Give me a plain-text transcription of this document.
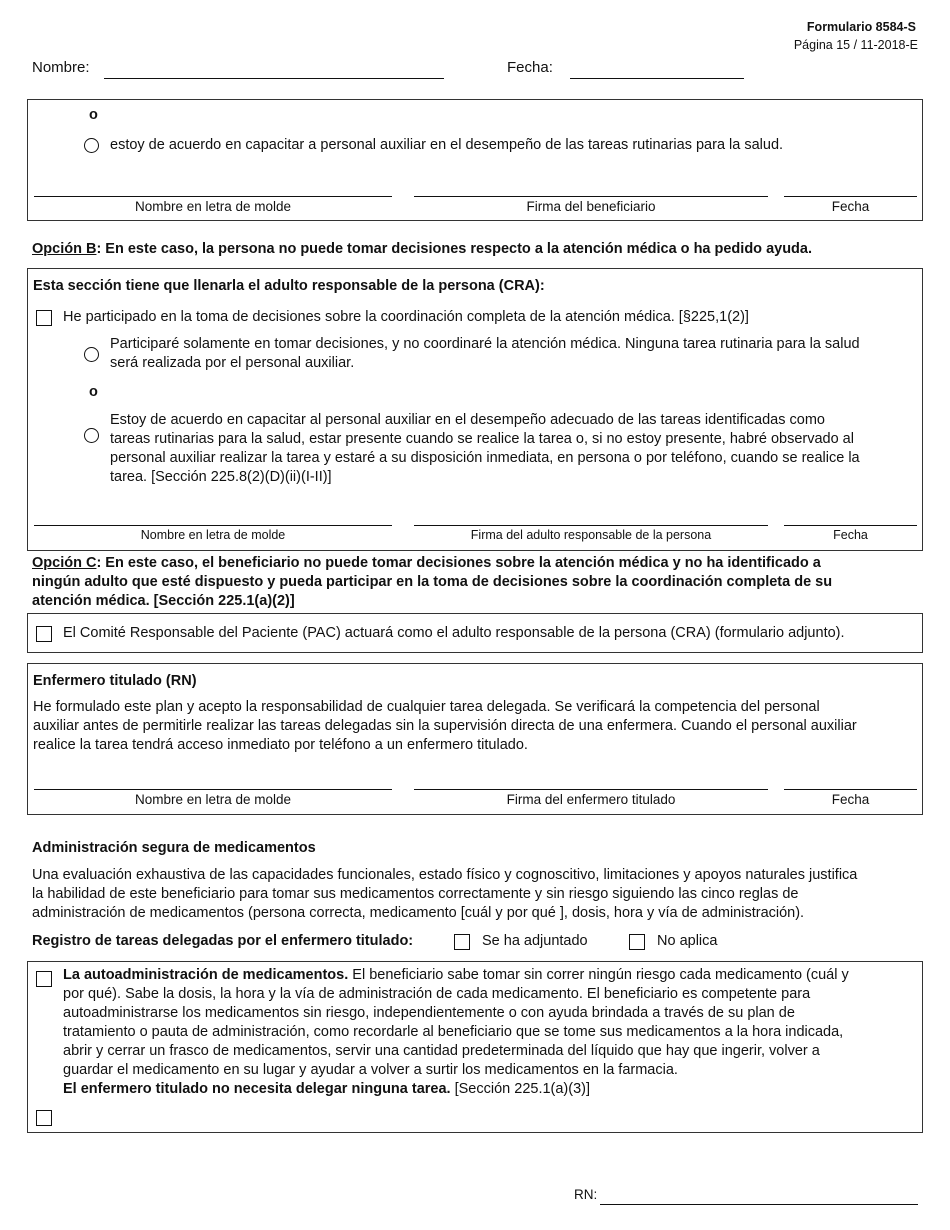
Formulario 8584-S
Página 15 / 11-2018-E
Nombre:	Fecha:
o
estoy de acuerdo en capacitar a personal auxiliar en el desempeño de las tareas rutinarias para la salud.
Nombre en letra de molde	Firma del beneficiario	Fecha
Opción B: En este caso, la persona no puede tomar decisiones respecto a la atención médica o ha pedido ayuda.
Esta sección tiene que llenarla el adulto responsable de la persona (CRA):
He participado en la toma de decisiones sobre la coordinación completa de la atención médica. [§225,1(2)]
Participaré solamente en tomar decisiones, y no coordinaré la atención médica. Ninguna tarea rutinaria para la salud
será realizada por el personal auxiliar.
o
Estoy de acuerdo en capacitar al personal auxiliar en el desempeño adecuado de las tareas identificadas como
tareas rutinarias para la salud, estar presente cuando se realice la tarea o, si no estoy presente, habré observado al
personal auxiliar realizar la tarea y estaré a su disposición inmediata, en persona o por teléfono, cuando se realice la
tarea. [Sección 225.8(2)(D)(ii)(I-II)]
Nombre en letra de molde	Firma del adulto responsable de la persona	Fecha
Opción C: En este caso, el beneficiario no puede tomar decisiones sobre la atención médica y no ha identificado a
ningún adulto que esté dispuesto y pueda participar en la toma de decisiones sobre la coordinación completa de su
atención médica. [Sección 225.1(a)(2)]
El Comité Responsable del Paciente (PAC) actuará como el adulto responsable de la persona (CRA) (formulario adjunto).
Enfermero titulado (RN)
He formulado este plan y acepto la responsabilidad de cualquier tarea delegada. Se verificará la competencia del personal
auxiliar antes de permitirle realizar las tareas delegadas sin la supervisión directa de una enfermera. Cuando el personal auxiliar
realice la tarea tendrá acceso inmediato por teléfono a un enfermero titulado.
Nombre en letra de molde	Firma del enfermero titulado	Fecha
Administración segura de medicamentos
Una evaluación exhaustiva de las capacidades funcionales, estado físico y cognoscitivo, limitaciones y apoyos naturales justifica
la habilidad de este beneficiario para tomar sus medicamentos correctamente y sin riesgo siguiendo las cinco reglas de
administración de medicamentos (persona correcta, medicamento [cuál y por qué ], dosis, hora y vía de administración).
Registro de tareas delegadas por el enfermero titulado:	Se ha adjuntado	No aplica
La autoadministración de medicamentos. El beneficiario sabe tomar sin correr ningún riesgo cada medicamento (cuál y
por qué). Sabe la dosis, la hora y la vía de administración de cada medicamento. El beneficiario es competente para
autoadministrarse los medicamentos sin riesgo, independientemente o con ayuda brindada a través de su plan de
tratamiento o pauta de administración, como recordarle al beneficiario que se tome sus medicamentos a la hora indicada,
abrir y cerrar un frasco de medicamentos, servir una cantidad predeterminada del líquido que hay que ingerir, volver a
guardar el medicamento en su lugar y ayudar a volver a surtir los medicamentos en la farmacia.
El enfermero titulado no necesita delegar ninguna tarea. [Sección 225.1(a)(3)]
RN:
